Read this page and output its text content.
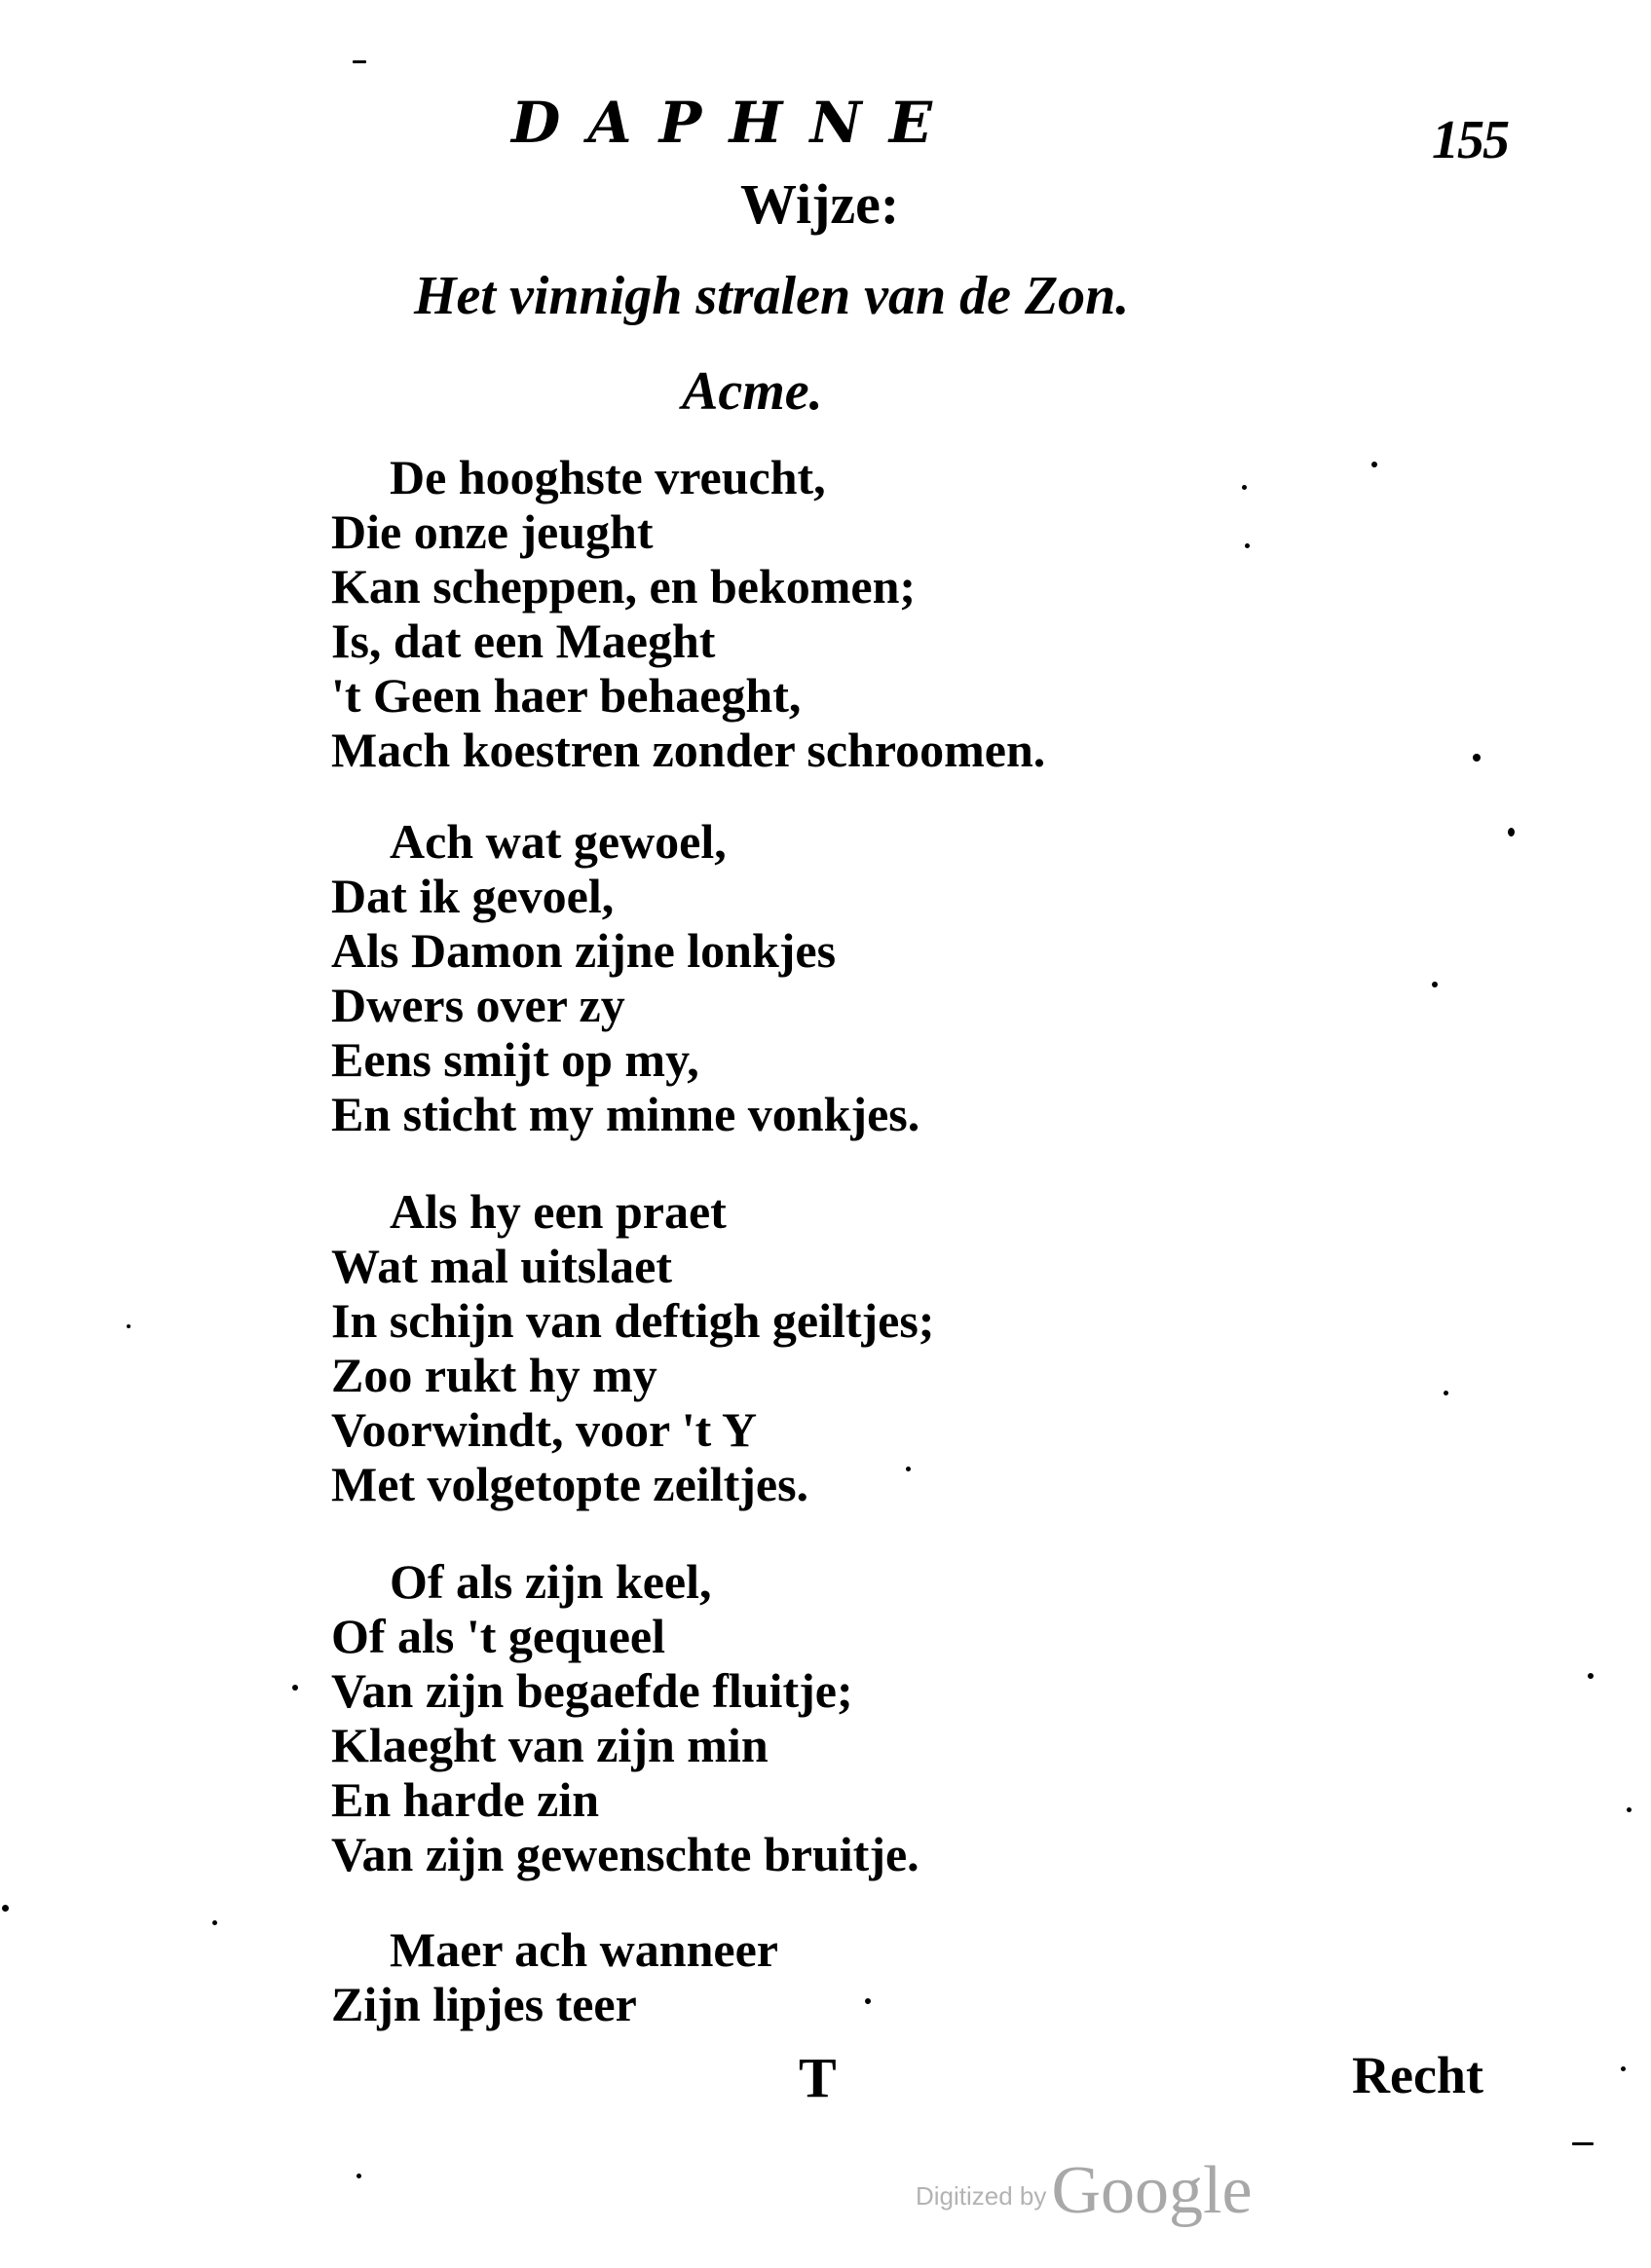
D A P H N E	155
Wijze:
Het vinnigh stralen van de Zon.
Acme.
De hooghste vreucht,
Die onze jeught
Kan scheppen, en bekomen;
Is, dat een Maeght
't Geen haer behaeght,
Mach koestren zonder schroomen.
Ach wat gewoel,
Dat ik gevoel,
Als Damon zijne lonkjes
Dwers over zy
Eens smijt op my,
En sticht my minne vonkjes.
Als hy een praet
Wat mal uitslaet
In schijn van deftigh geiltjes;
Zoo rukt hy my
Voorwindt, voor 't Y
Met volgetopte zeiltjes.
Of als zijn keel,
Of als 't gequeel
Van zijn begaefde fluitje;
Klaeght van zijn min
En harde zin
Van zijn gewenschte bruitje.
Maer ach wanneer
Zijn lipjes teer
T	Recht
Digitized by Google
